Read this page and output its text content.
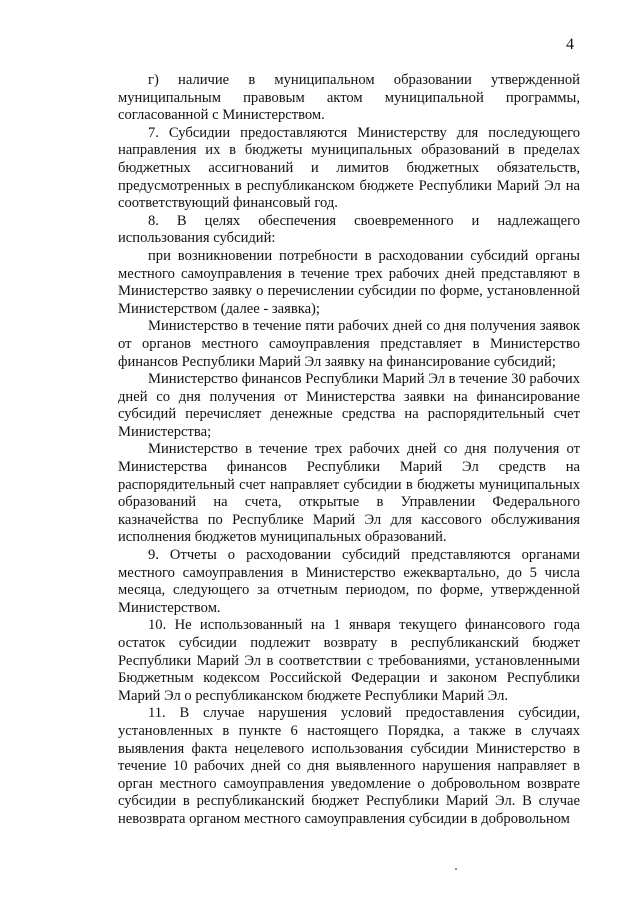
4

г) наличие в муниципальном образовании утвержденной муниципальным правовым актом муниципальной программы, согласованной с Министерством.

7. Субсидии предоставляются Министерству для последующего направления их в бюджеты муниципальных образований в пределах бюджетных ассигнований и лимитов бюджетных обязательств, предусмотренных в республиканском бюджете Республики Марий Эл на соответствующий финансовый год.

8. В целях обеспечения своевременного и надлежащего использования субсидий:

при возникновении потребности в расходовании субсидий органы местного самоуправления в течение трех рабочих дней представляют в Министерство заявку о перечислении субсидии по форме, установленной Министерством (далее - заявка);

Министерство в течение пяти рабочих дней со дня получения заявок от органов местного самоуправления представляет в Министерство финансов Республики Марий Эл заявку на финансирование субсидий;

Министерство финансов Республики Марий Эл в течение 30 рабочих дней со дня получения от Министерства заявки на финансирование субсидий перечисляет денежные средства на распорядительный счет Министерства;

Министерство в течение трех рабочих дней со дня получения от Министерства финансов Республики Марий Эл средств на распорядительный счет направляет субсидии в бюджеты муниципальных образований на счета, открытые в Управлении Федерального казначейства по Республике Марий Эл для кассового обслуживания исполнения бюджетов муниципальных образований.

9. Отчеты о расходовании субсидий представляются органами местного самоуправления в Министерство ежеквартально, до 5 числа месяца, следующего за отчетным периодом, по форме, утвержденной Министерством.

10. Не использованный на 1 января текущего финансового года остаток субсидии подлежит возврату в республиканский бюджет Республики Марий Эл в соответствии с требованиями, установленными Бюджетным кодексом Российской Федерации и законом Республики Марий Эл о республиканском бюджете Республики Марий Эл.

11. В случае нарушения условий предоставления субсидии, установленных в пункте 6 настоящего Порядка, а также в случаях выявления факта нецелевого использования субсидии Министерство в течение 10 рабочих дней со дня выявленного нарушения направляет в орган местного самоуправления уведомление о добровольном возврате субсидии в республиканский бюджет Республики Марий Эл. В случае невозврата органом местного самоуправления субсидии в добровольном
